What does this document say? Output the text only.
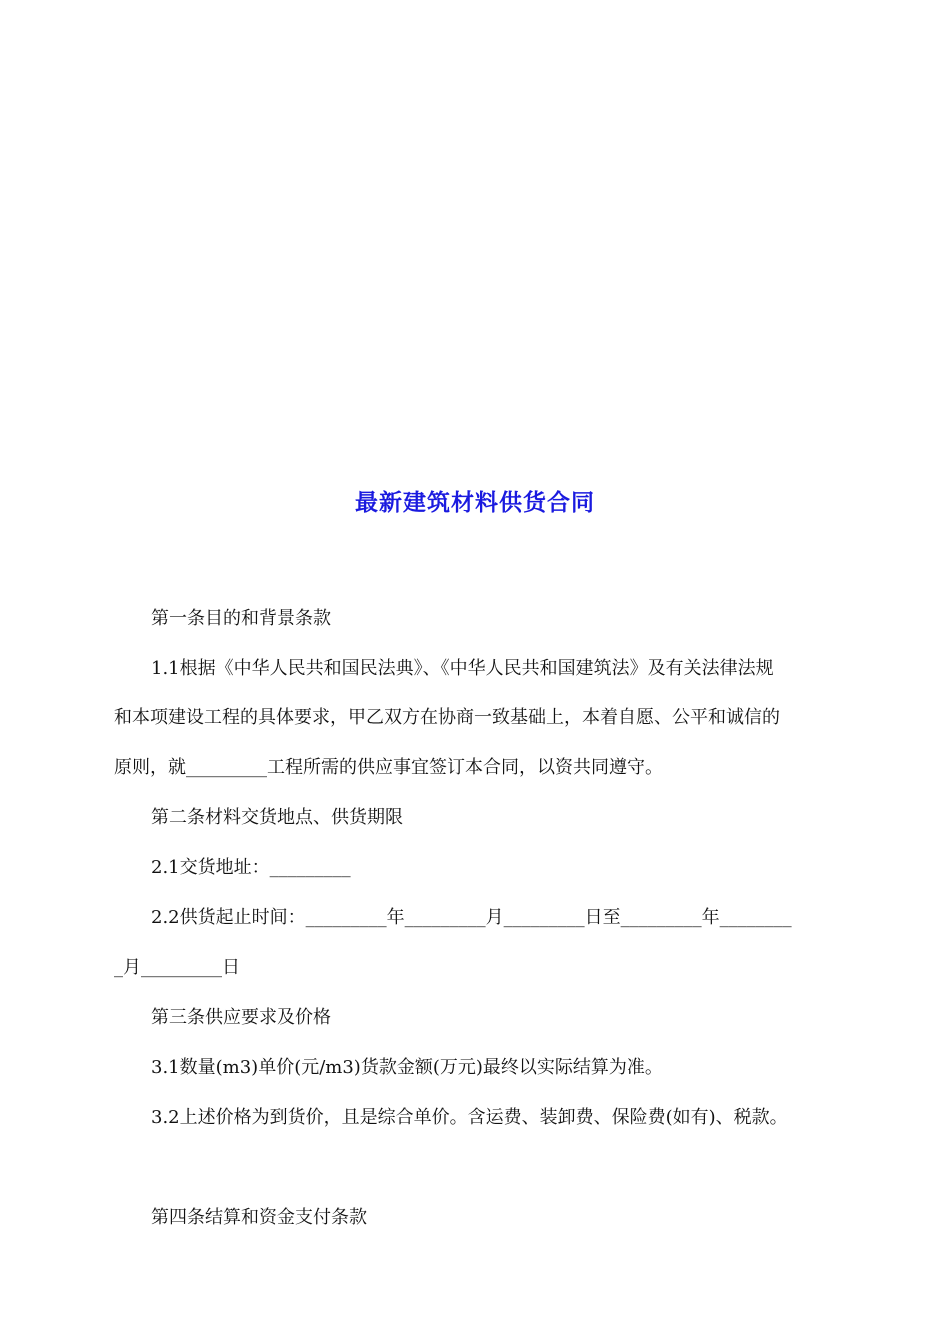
最新建筑材料供货合同
第一条目的和背景条款
1.1根据《中华人民共和国民法典》、《中华人民共和国建筑法》及有关法律法规
和本项建设工程的具体要求，甲乙双方在协商一致基础上，本着自愿、公平和诚信的
原则，就_________工程所需的供应事宜签订本合同，以资共同遵守。
第二条材料交货地点、供货期限
2.1交货地址：_________
2.2供货起止时间：_________年_________月_________日至_________年________
_月_________日
第三条供应要求及价格
3.1数量(m3)单价(元/m3)货款金额(万元)最终以实际结算为准。
3.2上述价格为到货价，且是综合单价。含运费、装卸费、保险费(如有)、税款。
第四条结算和资金支付条款
